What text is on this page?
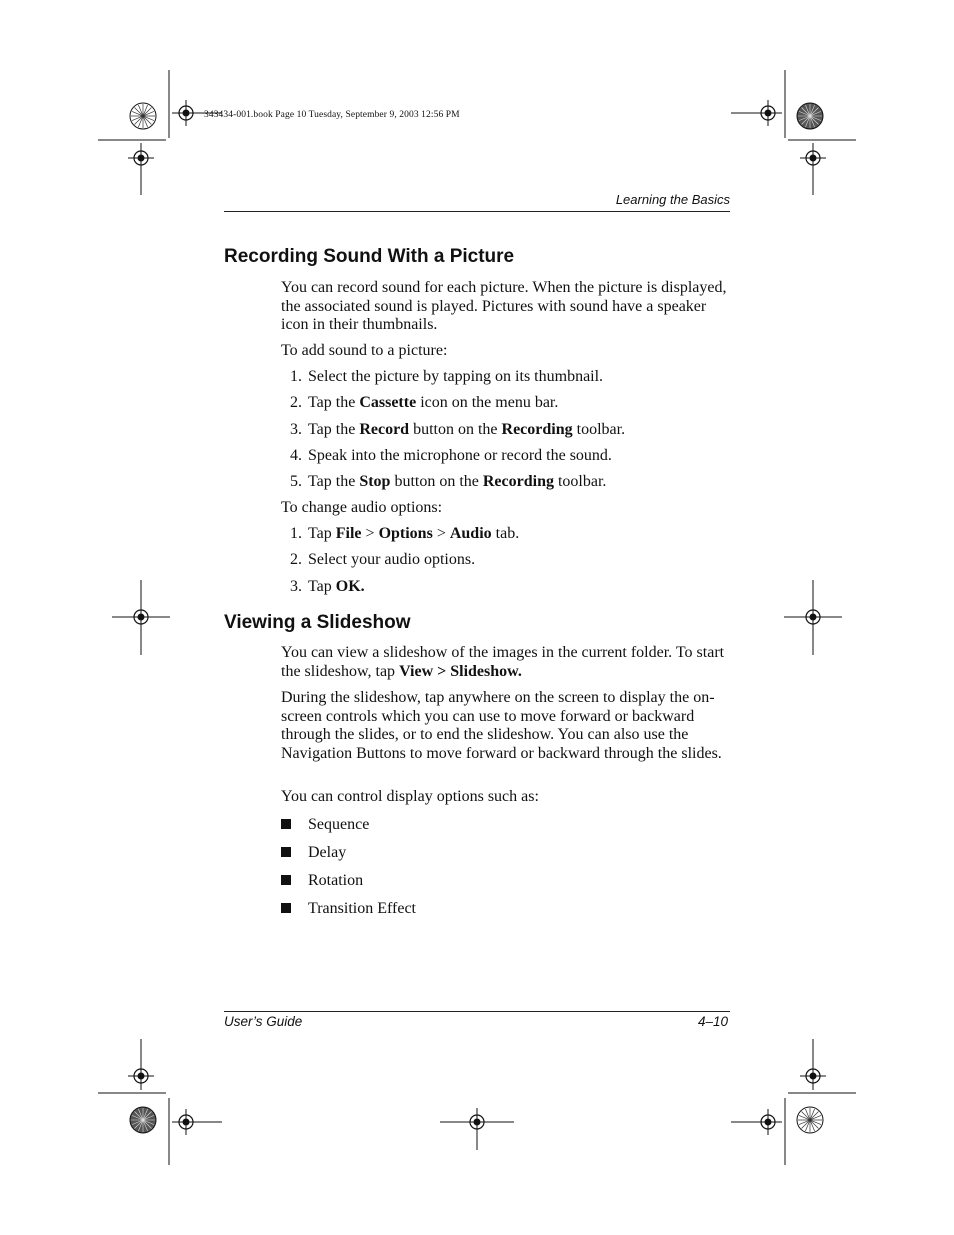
343434-001.book Page 10 Tuesday, September 9, 2003 12:56 PM
Learning the Basics
Recording Sound With a Picture
You can record sound for each picture. When the picture is displayed, the associated sound is played. Pictures with sound have a speaker icon in their thumbnails.
To add sound to a picture:
1. Select the picture by tapping on its thumbnail.
2. Tap the Cassette icon on the menu bar.
3. Tap the Record button on the Recording toolbar.
4. Speak into the microphone or record the sound.
5. Tap the Stop button on the Recording toolbar.
To change audio options:
1. Tap File > Options > Audio tab.
2. Select your audio options.
3. Tap OK.
Viewing a Slideshow
You can view a slideshow of the images in the current folder. To start the slideshow, tap View > Slideshow.
During the slideshow, tap anywhere on the screen to display the on-screen controls which you can use to move forward or backward through the slides, or to end the slideshow. You can also use the Navigation Buttons to move forward or backward through the slides.
You can control display options such as:
Sequence
Delay
Rotation
Transition Effect
User’s Guide	4–10
